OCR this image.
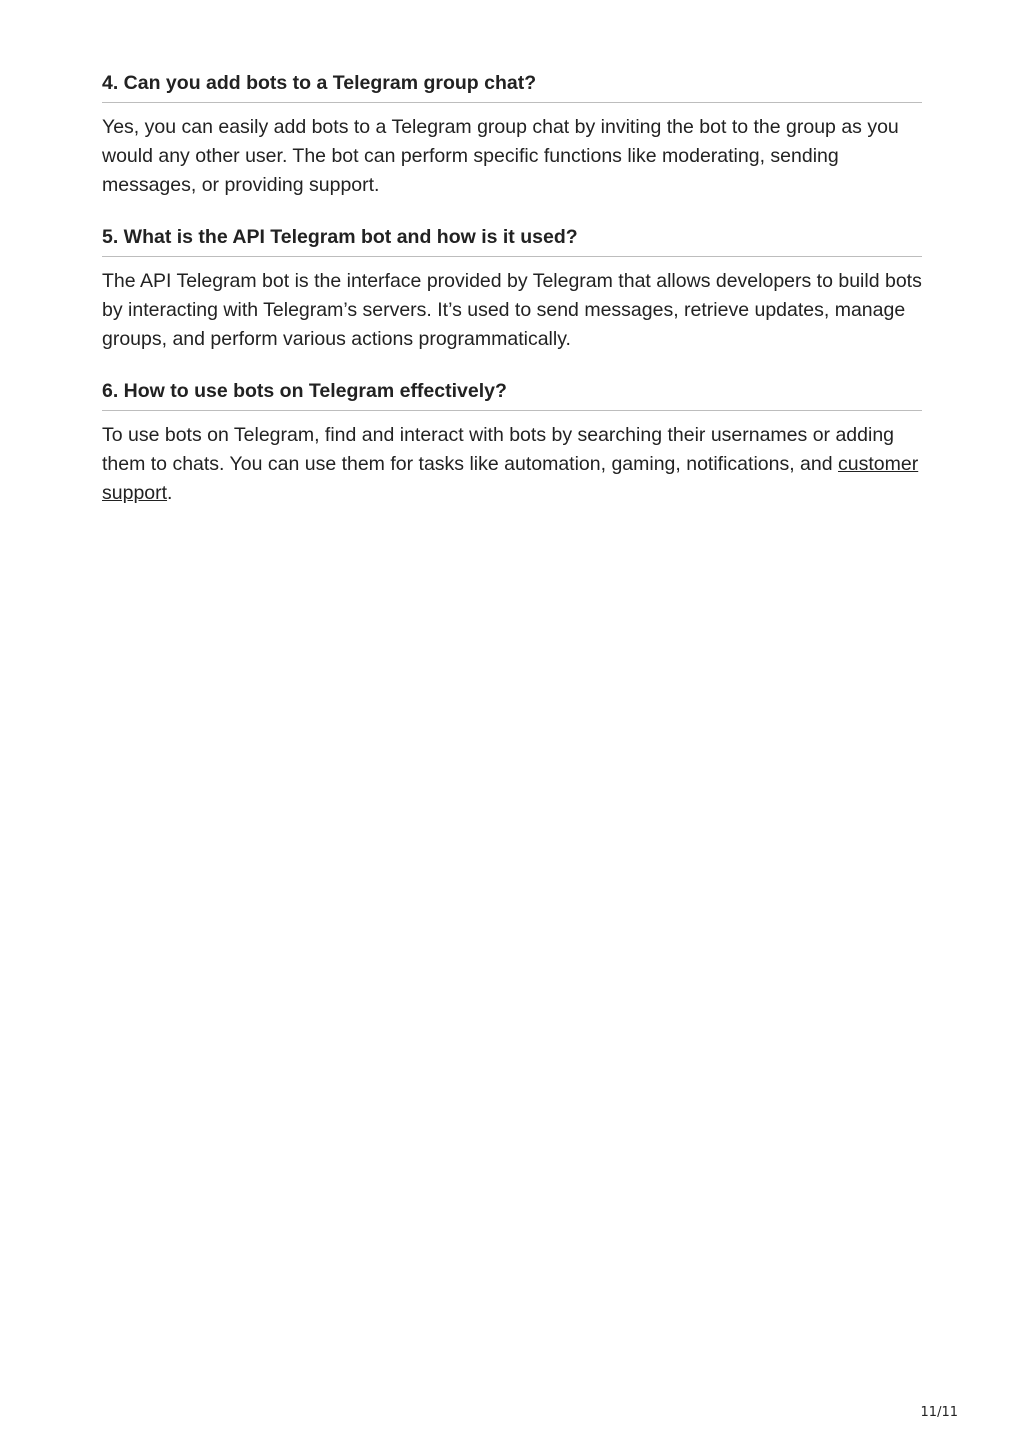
4. Can you add bots to a Telegram group chat?

Yes, you can easily add bots to a Telegram group chat by inviting the bot to the group as you would any other user. The bot can perform specific functions like moderating, sending messages, or providing support.

5. What is the API Telegram bot and how is it used?

The API Telegram bot is the interface provided by Telegram that allows developers to build bots by interacting with Telegram’s servers. It’s used to send messages, retrieve updates, manage groups, and perform various actions programmatically.

6. How to use bots on Telegram effectively?

To use bots on Telegram, find and interact with bots by searching their usernames or adding them to chats. You can use them for tasks like automation, gaming, notifications, and customer support.

11/11
